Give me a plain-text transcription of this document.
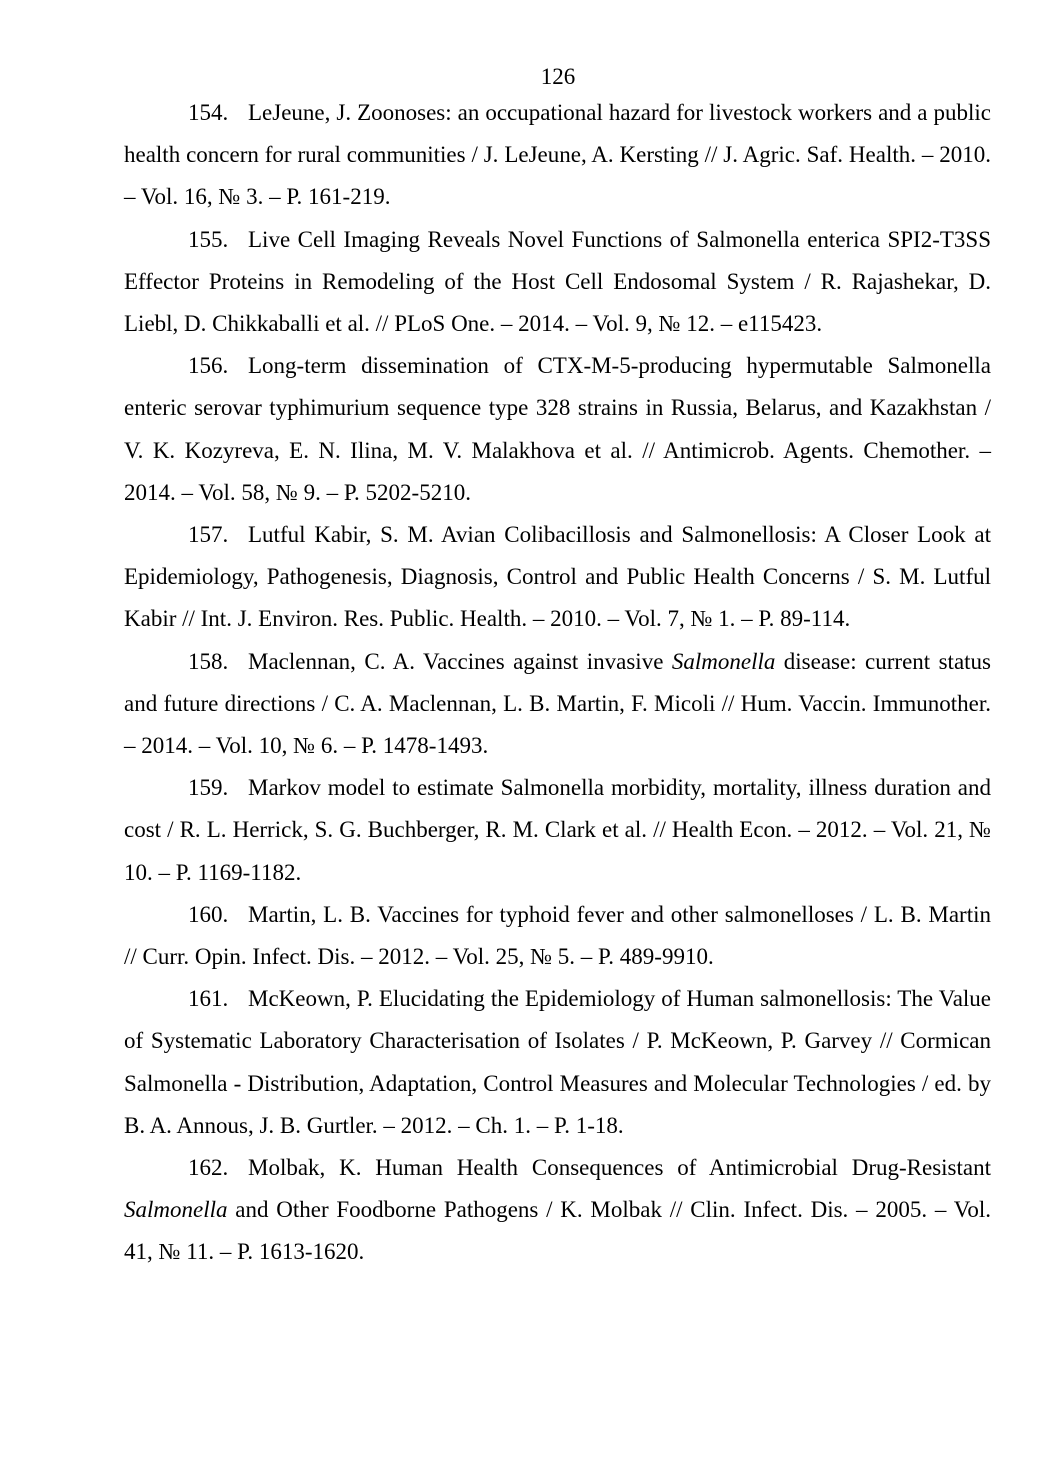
126

154. LeJeune, J. Zoonoses: an occupational hazard for livestock workers and a public health concern for rural communities / J. LeJeune, A. Kersting // J. Agric. Saf. Health. – 2010. – Vol. 16, № 3. – P. 161-219.

155. Live Cell Imaging Reveals Novel Functions of Salmonella enterica SPI2-T3SS Effector Proteins in Remodeling of the Host Cell Endosomal System / R. Rajashekar, D. Liebl, D. Chikkaballi et al. // PLoS One. – 2014. – Vol. 9, № 12. – e115423.

156. Long-term dissemination of CTX-M-5-producing hypermutable Salmonella enteric serovar typhimurium sequence type 328 strains in Russia, Belarus, and Kazakhstan / V. K. Kozyreva, E. N. Ilina, M. V. Malakhova et al. // Antimicrob. Agents. Chemother. – 2014. – Vol. 58, № 9. – P. 5202-5210.

157. Lutful Kabir, S. M. Avian Colibacillosis and Salmonellosis: A Closer Look at Epidemiology, Pathogenesis, Diagnosis, Control and Public Health Concerns / S. M. Lutful Kabir // Int. J. Environ. Res. Public. Health. – 2010. – Vol. 7, № 1. – P. 89-114.

158. Maclennan, C. A. Vaccines against invasive Salmonella disease: current status and future directions / C. A. Maclennan, L. B. Martin, F. Micoli // Hum. Vaccin. Immunother. – 2014. – Vol. 10, № 6. – P. 1478-1493.

159. Markov model to estimate Salmonella morbidity, mortality, illness duration and cost / R. L. Herrick, S. G. Buchberger, R. M. Clark et al. // Health Econ. – 2012. – Vol. 21, № 10. – P. 1169-1182.

160. Martin, L. B. Vaccines for typhoid fever and other salmonelloses / L. B. Martin // Curr. Opin. Infect. Dis. – 2012. – Vol. 25, № 5. – P. 489-9910.

161. McKeown, P. Elucidating the Epidemiology of Human salmonellosis: The Value of Systematic Laboratory Characterisation of Isolates / P. McKeown, P. Garvey // Cormican Salmonella - Distribution, Adaptation, Control Measures and Molecular Technologies / ed. by B. A. Annous, J. B. Gurtler. – 2012. – Ch. 1. – P. 1-18.

162. Molbak, K. Human Health Consequences of Antimicrobial Drug-Resistant Salmonella and Other Foodborne Pathogens / K. Molbak // Clin. Infect. Dis. – 2005. – Vol. 41, № 11. – P. 1613-1620.
